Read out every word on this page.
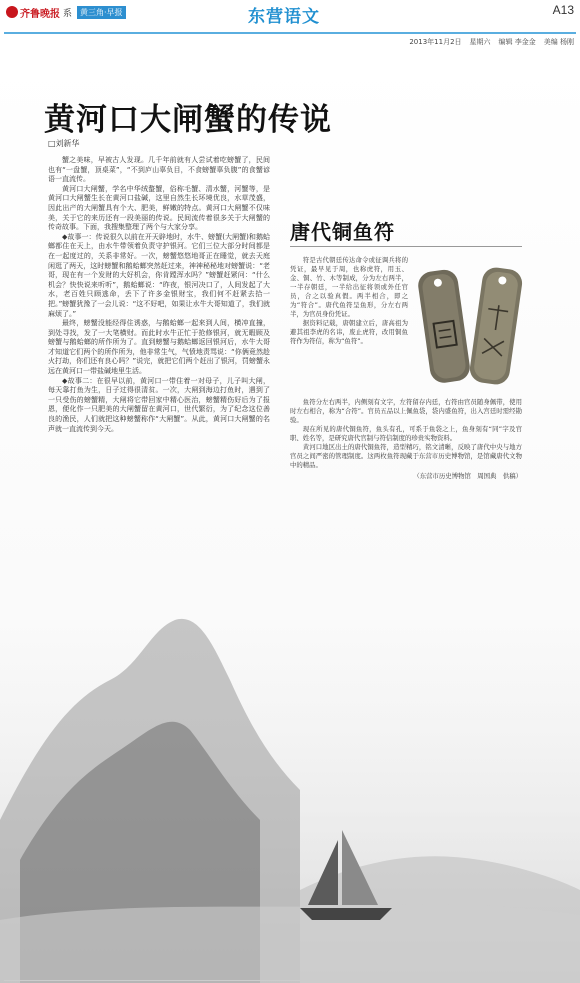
齐鲁晚报 系	黄三角·早报	东营语文	A13
2013年11月2日 星期六 编辑 李金金 美编 杨刚
黄河口大闸蟹的传说
□刘新华

蟹之美味，早被古人发现。几千年前就有人尝试着吃螃蟹了，民间也有“一盘蟹，顶桌菜”，“不到庐山辜负目，不食螃蟹辜负腹”的食蟹谚语一直流传。

黄河口大闸蟹，学名中华绒螯蟹，俗称毛蟹、清水蟹，河蟹等，是黄河口大闸蟹生长在黄河口盐碱，这里自然生长环境优良，水草茂盛，因此出产的大闸蟹具有个大、肥美，鲜嫩的特点。黄河口大闸蟹不仅味美，关于它的来历还有一段美丽的传说。民间流传着很多关于大闸蟹的传奇故事。下面，我搜集整理了两个与大家分享。

◆故事一：传说很久以前在开天辟地时，水牛、螃蟹(大闸蟹)和鹅蛤螂都住在天上，由水牛带领着负责守护银河。它们三位大部分时间都是在一起度过的，关系非常好。一次，螃蟹悠悠地哥正在睡觉，就去天庭闲逛了两天，这时螃蟹和鹅蛤螂突然赶过来，神神秘秘地对螃蟹说：“老哥，现在有一个发财的大好机会，你肯蹚浑水吗？”螃蟹赶紧问：“什么机会？快快说来听听”，鹅蛤螂说：“昨夜，银河决口了，人间发起了大水，老百姓只顾逃命，丢下了许多金银财宝，我们何不赶紧去拾一把。”螃蟹犹豫了一会儿说：“这不好吧，如果让水牛大哥知道了，我们就麻烦了。”

最终，螃蟹没能经得住诱惑，与鹅蛤螂一起来到人间，横冲直撞，到处寻找，发了一大笔横财。而此时水牛正忙于抢修银河，就无暇顾及螃蟹与鹅蛤螂的所作所为了。直到螃蟹与鹅蛤螂返回银河后，水牛大哥才知道它们两个的所作所为，他非常生气，气愤地责骂说：“你俩竟然趁火打劫，你们还有良心吗？”说完，就把它们两个赶出了银河，罚螃蟹永远在黄河口一带盐碱地里生活。

◆故事二：在很早以前，黄河口一带住着一对母子，儿子叫大闸，每天靠打鱼为生，日子过得很清贫。一次，大闸到海边打鱼时，遇到了一只受伤的螃蟹精，大闸将它带回家中精心医治，螃蟹精伤好后为了报恩，便化作一只肥美的大闸蟹留在黄河口，世代繁衍，为了纪念这位善良的渔民，人们就把这种螃蟹称作“大闸蟹”。从此，黄河口大闸蟹的名声就一直流传到今天。

唐代铜鱼符

符是古代朝廷传达命令或征调兵将的凭证，最早见于周，也称虎符，用玉、金、铜、竹、木等制成，分为左右两半，一半存朝廷，一半给出征将领或外任官员，合之以验真假。两半相合，即之为“符合”。唐代鱼符呈鱼形，分左右两半，为官员身份凭证。

据资料记载，唐朝建立后，唐高祖为避其祖李虎的名讳，废止虎符，改用铜鱼符作为符信，称为“鱼符”。

鱼符分左右两半，内侧刻有文字，左符留存内廷，右符由官员随身佩带，使用时左右相合，称为“合符”。官员五品以上佩鱼袋，袋内盛鱼符，出入宫廷时需经勘验。

现在所见的唐代铜鱼符，鱼头有孔，可系于鱼袋之上，鱼身刻有“同”字及官职、姓名等，是研究唐代官制与符信制度的珍贵实物资料。

黄河口地区出土的唐代铜鱼符，造型精巧，铭文清晰，反映了唐代中央与地方官员之间严密的管理制度。这两枚鱼符现藏于东营市历史博物馆，是馆藏唐代文物中的精品。

（东营市历史博物馆　周国典　供稿）
